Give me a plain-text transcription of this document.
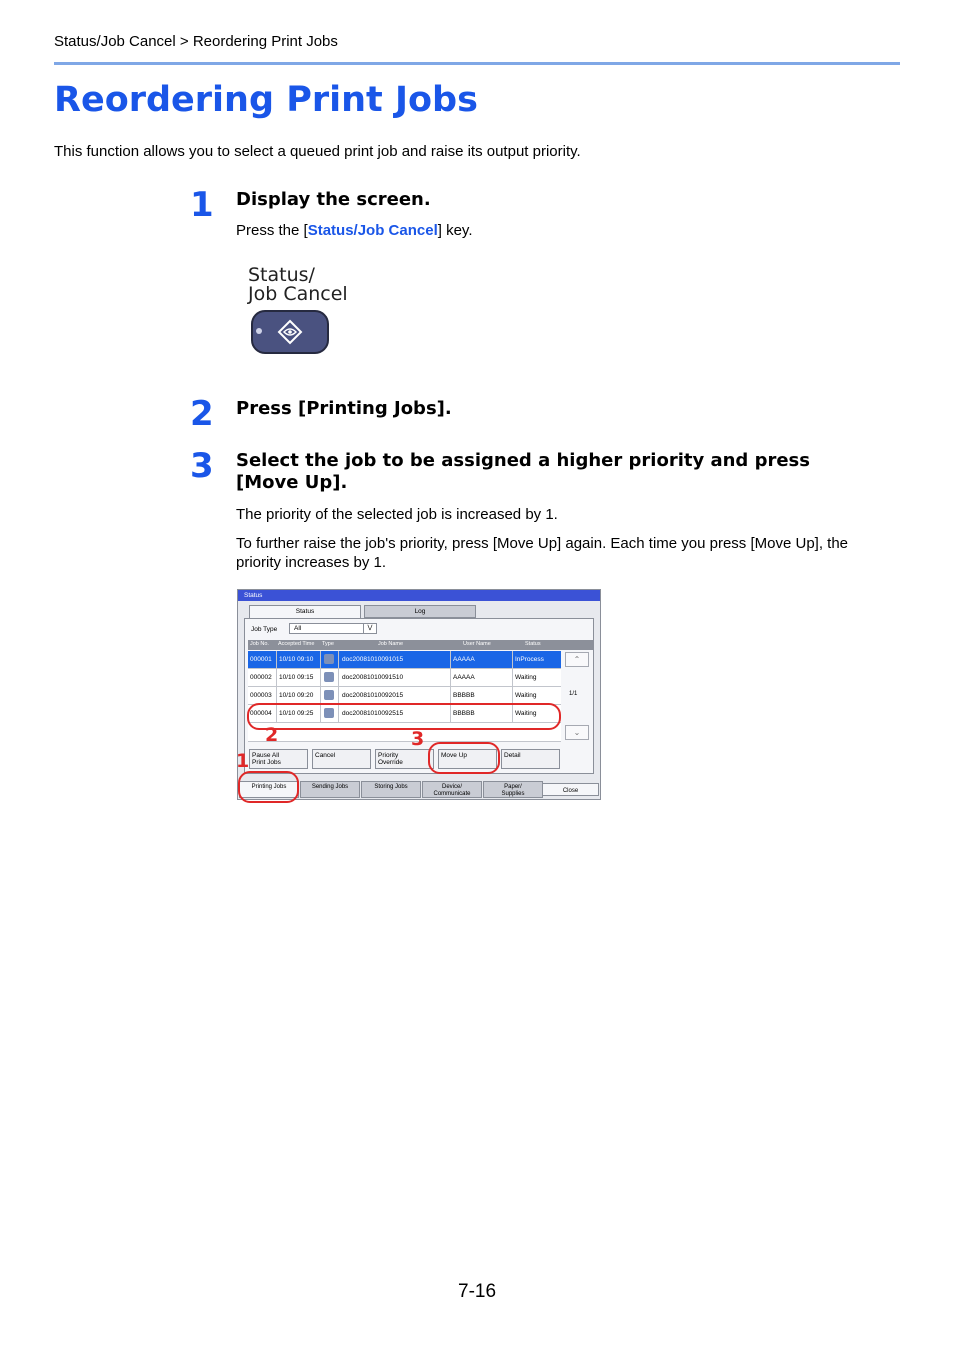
Status/Job Cancel > Reordering Print Jobs
Reordering Print Jobs
This function allows you to select a queued print job and raise its output priority.
1 Display the screen.
Press the [Status/Job Cancel] key.
Status/
Job Cancel
2 Press [Printing Jobs].
3 Select the job to be assigned a higher priority and press
[Move Up].
The priority of the selected job is increased by 1.
To further raise the job's priority, press [Move Up] again. Each time you press [Move Up], the
priority increases by 1.
Status
Status	Log
Job Type	All	⋁
Job No. Accepted Time Type	Job Name	User Name	Status
000001 10/10 09:10	doc20081010091015	AAAAA	InProcess
000002 10/10 09:15	doc20081010091510	AAAAA	Waiting
000003 10/10 09:20	doc20081010092015	BBBBB	Waiting
000004 10/10 09:25	doc20081010092515	BBBBB	Waiting
⌃
1/1
⌄
Pause All
Print Jobs
Cancel	Priority
Override
Move Up	Detail
Printing Jobs	Sending Jobs	Storing Jobs	Device/
Communicate
Paper/
Supplies	Close
1
2	3
7-16
